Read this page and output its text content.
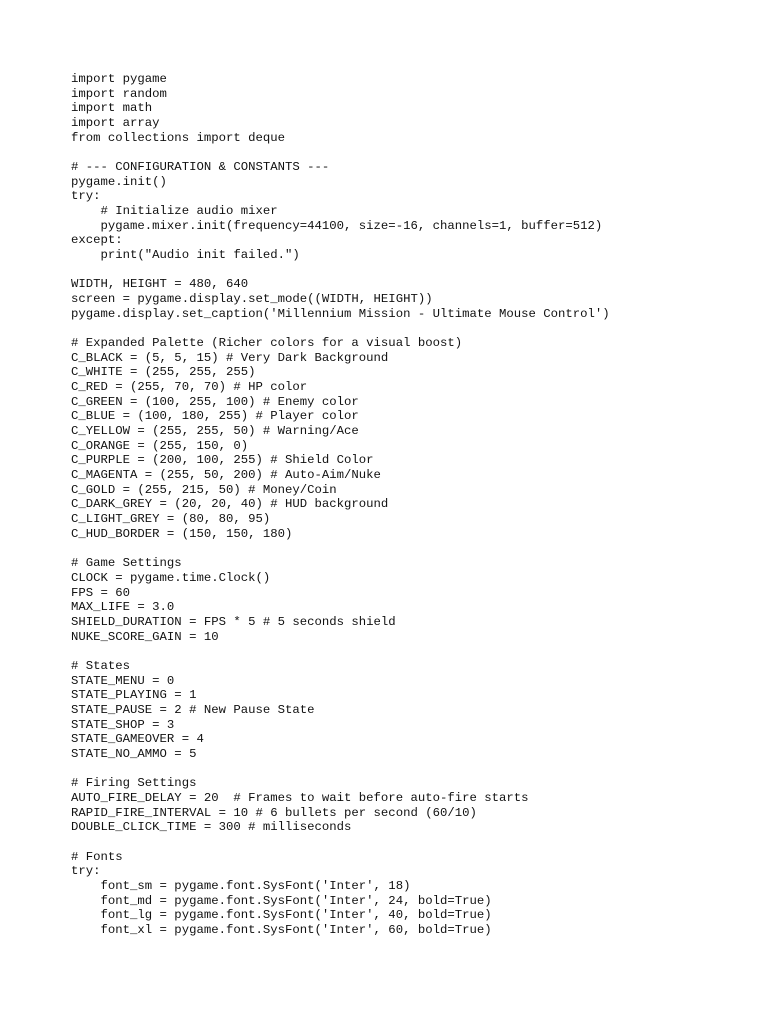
import pygame
import random
import math
import array
from collections import deque
# --- CONFIGURATION & CONSTANTS ---
pygame.init()
try:
# Initialize audio mixer
pygame.mixer.init(frequency=44100, size=-16, channels=1, buffer=512)
except:
print("Audio init failed.")
WIDTH, HEIGHT = 480, 640
screen = pygame.display.set_mode((WIDTH, HEIGHT))
pygame.display.set_caption('Millennium Mission - Ultimate Mouse Control')
# Expanded Palette (Richer colors for a visual boost)
C_BLACK = (5, 5, 15) # Very Dark Background
C_WHITE = (255, 255, 255)
C_RED = (255, 70, 70) # HP color
C_GREEN = (100, 255, 100) # Enemy color
C_BLUE = (100, 180, 255) # Player color
C_YELLOW = (255, 255, 50) # Warning/Ace
C_ORANGE = (255, 150, 0)
C_PURPLE = (200, 100, 255) # Shield Color
C_MAGENTA = (255, 50, 200) # Auto-Aim/Nuke
C_GOLD = (255, 215, 50) # Money/Coin
C_DARK_GREY = (20, 20, 40) # HUD background
C_LIGHT_GREY = (80, 80, 95)
C_HUD_BORDER = (150, 150, 180)
# Game Settings
CLOCK = pygame.time.Clock()
FPS = 60
MAX_LIFE = 3.0
SHIELD_DURATION = FPS * 5 # 5 seconds shield
NUKE_SCORE_GAIN = 10
# States
STATE_MENU = 0
STATE_PLAYING = 1
STATE_PAUSE = 2 # New Pause State
STATE_SHOP = 3
STATE_GAMEOVER = 4
STATE_NO_AMMO = 5
# Firing Settings
AUTO_FIRE_DELAY = 20  # Frames to wait before auto-fire starts
RAPID_FIRE_INTERVAL = 10 # 6 bullets per second (60/10)
DOUBLE_CLICK_TIME = 300 # milliseconds
# Fonts
try:
font_sm = pygame.font.SysFont('Inter', 18)
font_md = pygame.font.SysFont('Inter', 24, bold=True)
font_lg = pygame.font.SysFont('Inter', 40, bold=True)
font_xl = pygame.font.SysFont('Inter', 60, bold=True)
